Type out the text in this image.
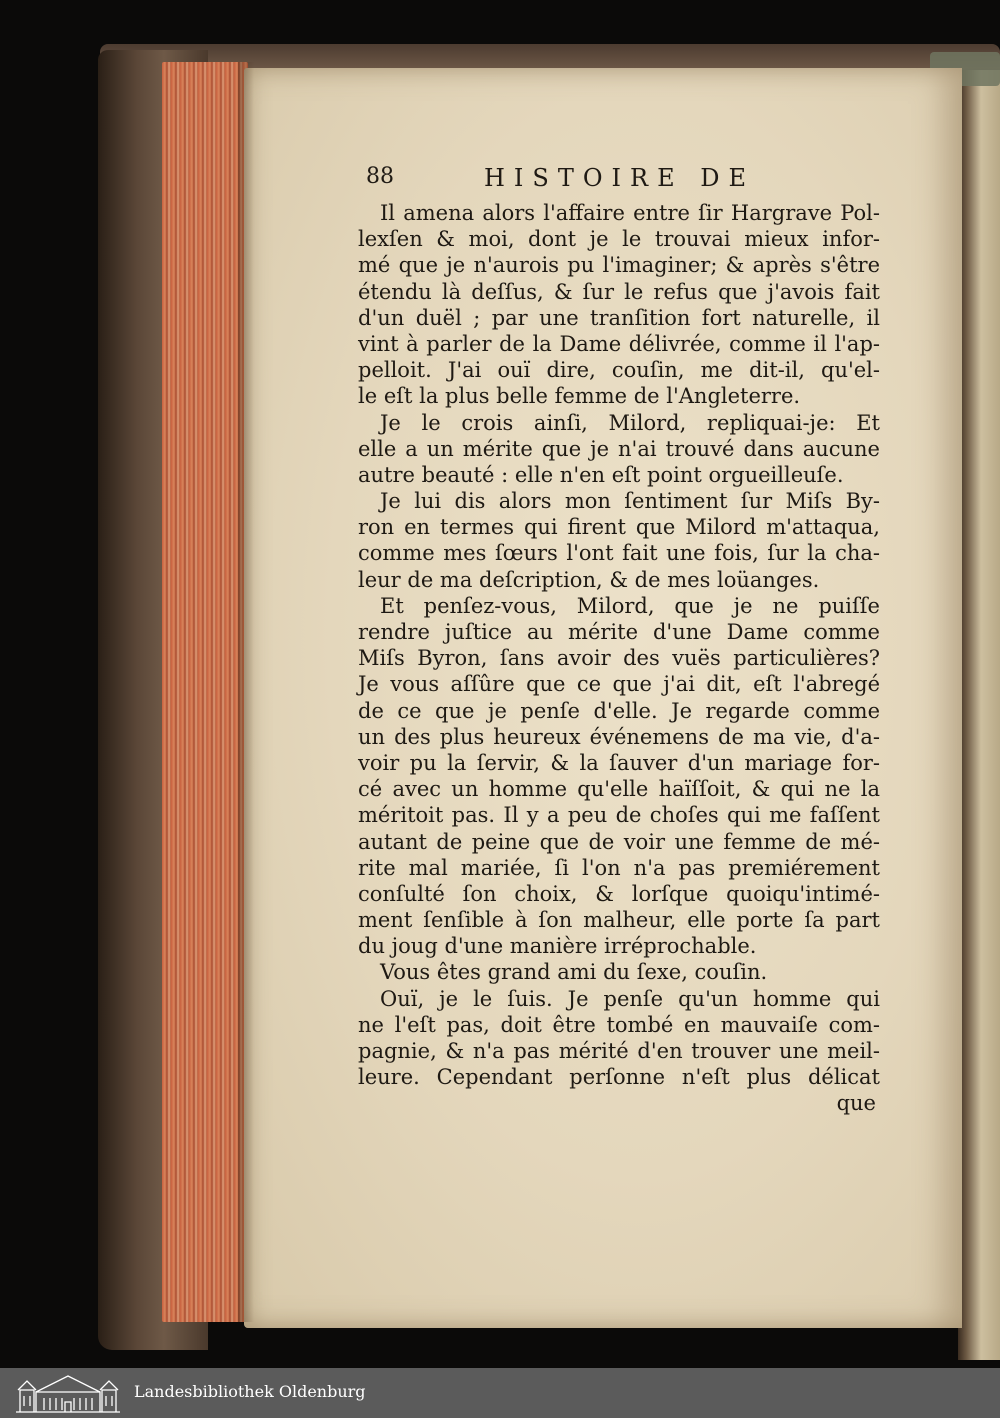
88	HISTOIRE DE
Il amena alors l'affaire entre ſir Hargrave Pol-
lexſen & moi, dont je le trouvai mieux infor-
mé que je n'aurois pu l'imaginer; & après s'être
étendu là deſſus, & ſur le refus que j'avois fait
d'un duël ; par une tranſition fort naturelle, il
vint à parler de la Dame délivrée, comme il l'ap-
pelloit. J'ai ouï dire, couſin, me dit-il, qu'el-
le eſt la plus belle femme de l'Angleterre.
Je le crois ainſi, Milord, repliquai-je: Et
elle a un mérite que je n'ai trouvé dans aucune
autre beauté : elle n'en eſt point orgueilleuſe.
Je lui dis alors mon ſentiment ſur Miſs By-
ron en termes qui firent que Milord m'attaqua,
comme mes ſœurs l'ont fait une fois, ſur la cha-
leur de ma deſcription, & de mes loüanges.
Et penſez-vous, Milord, que je ne puiſſe
rendre juſtice au mérite d'une Dame comme
Miſs Byron, ſans avoir des vuës particulières?
Je vous aſſûre que ce que j'ai dit, eſt l'abregé
de ce que je penſe d'elle. Je regarde comme
un des plus heureux événemens de ma vie, d'a-
voir pu la ſervir, & la ſauver d'un mariage for-
cé avec un homme qu'elle haïſſoit, & qui ne la
méritoit pas. Il y a peu de choſes qui me faſſent
autant de peine que de voir une femme de mé-
rite mal mariée, ſi l'on n'a pas premiérement
conſulté ſon choix, & lorſque quoiqu'intimé-
ment ſenſible à ſon malheur, elle porte ſa part
du joug d'une manière irréprochable.
Vous êtes grand ami du ſexe, couſin.
Ouï, je le ſuis. Je penſe qu'un homme qui
ne l'eſt pas, doit être tombé en mauvaiſe com-
pagnie, & n'a pas mérité d'en trouver une meil-
leure. Cependant perſonne n'eſt plus délicat
que
Landesbibliothek Oldenburg
